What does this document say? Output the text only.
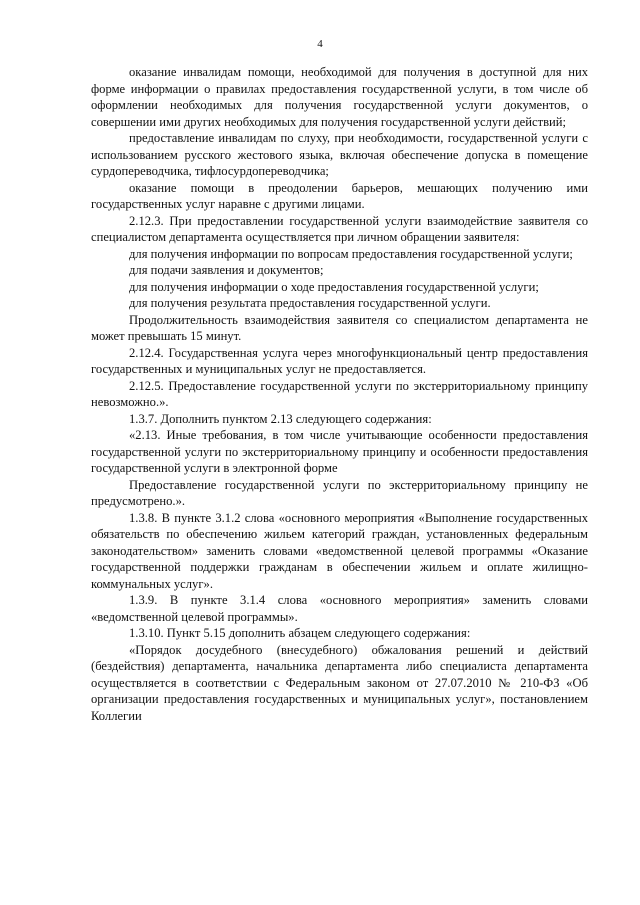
4

оказание инвалидам помощи, необходимой для получения в доступной для них форме информации о правилах предоставления государственной услуги, в том числе об оформлении необходимых для получения государственной услуги документов, о совершении ими других необходимых для получения государственной услуги действий;

предоставление инвалидам по слуху, при необходимости, государственной услуги с использованием русского жестового языка, включая обеспечение допуска в помещение сурдопереводчика, тифлосурдопереводчика;

оказание помощи в преодолении барьеров, мешающих получению ими государственных услуг наравне с другими лицами.

2.12.3. При предоставлении государственной услуги взаимодействие заявителя со специалистом департамента осуществляется при личном обращении заявителя:

для получения информации по вопросам предоставления государственной услуги;

для подачи заявления и документов;

для получения информации о ходе предоставления государственной услуги;

для получения результата предоставления государственной услуги.

Продолжительность взаимодействия заявителя со специалистом департамента не может превышать 15 минут.

2.12.4. Государственная услуга через многофункциональный центр предоставления государственных и муниципальных услуг не предоставляется.

2.12.5. Предоставление государственной услуги по экстерриториальному принципу невозможно.».

1.3.7. Дополнить пунктом 2.13 следующего содержания:

«2.13. Иные требования, в том числе учитывающие особенности предоставления государственной услуги по экстерриториальному принципу и особенности предоставления государственной услуги в электронной форме

Предоставление государственной услуги по экстерриториальному принципу не предусмотрено.».

1.3.8. В пункте 3.1.2 слова «основного мероприятия «Выполнение государственных обязательств по обеспечению жильем категорий граждан, установленных федеральным законодательством» заменить словами «ведомственной целевой программы «Оказание государственной поддержки гражданам в обеспечении жильем и оплате жилищно-коммунальных услуг».

1.3.9. В пункте 3.1.4 слова «основного мероприятия» заменить словами «ведомственной целевой программы».

1.3.10. Пункт 5.15 дополнить абзацем следующего содержания:

«Порядок досудебного (внесудебного) обжалования решений и действий (бездействия) департамента, начальника департамента либо специалиста департамента осуществляется в соответствии с Федеральным законом от 27.07.2010 № 210-ФЗ «Об организации предоставления государственных и муниципальных услуг», постановлением Коллегии
